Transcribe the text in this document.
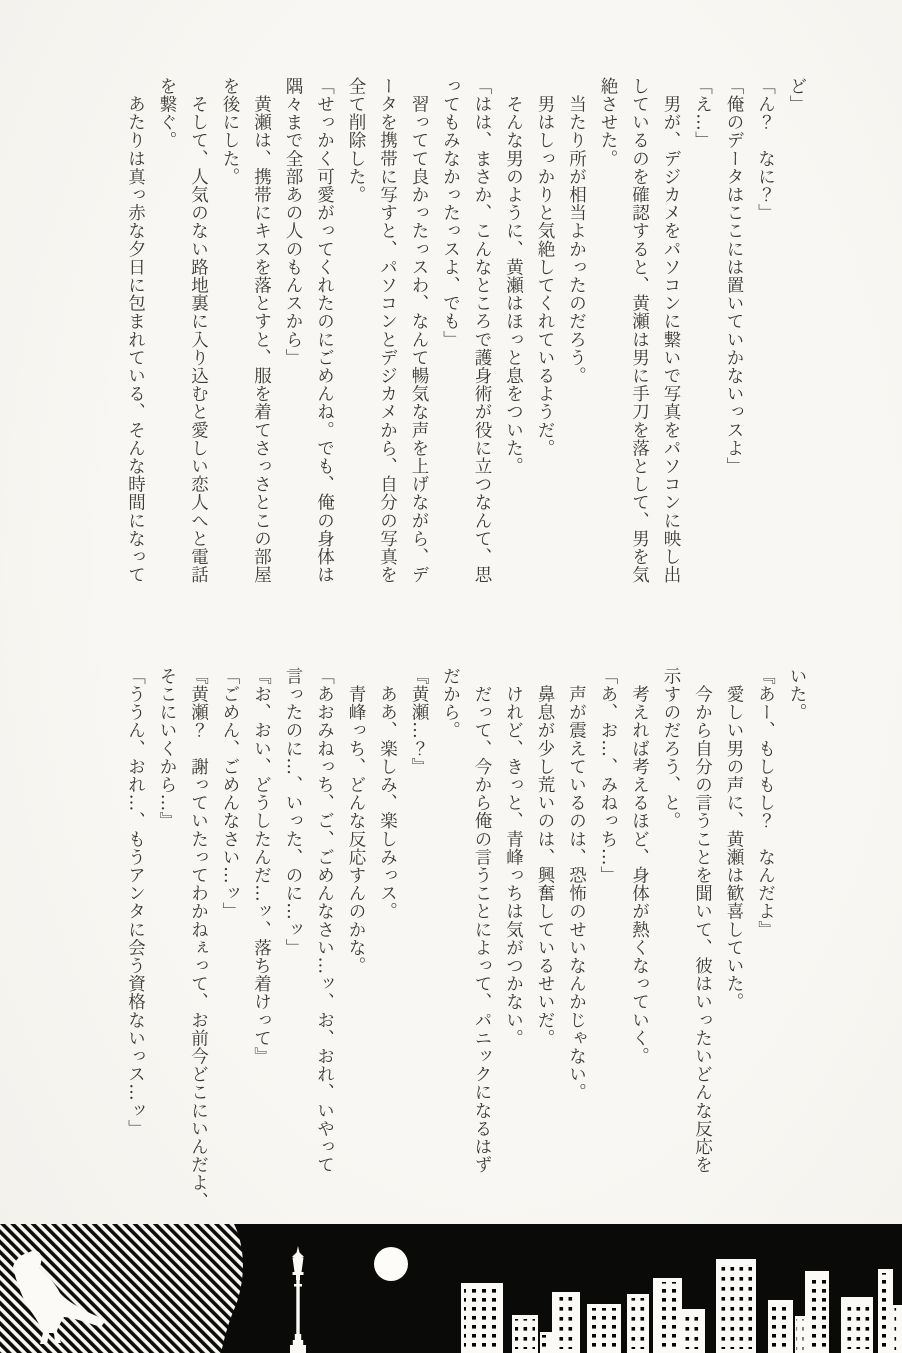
ど」

「ん？　なに？」

「俺のデータはここには置いていかないっスよ」

「え…」

　男が、デジカメをパソコンに繋いで写真をパソコンに映し出

しているのを確認すると、黄瀬は男に手刀を落として、男を気

絶させた。

　当たり所が相当よかったのだろう。

　男はしっかりと気絶してくれているようだ。

　そんな男のように、黄瀬はほっと息をついた。

「はは、まさか、こんなところで護身術が役に立つなんて、思

ってもみなかったっスよ、でも」

　習ってて良かったっスわ、なんて暢気な声を上げながら、デ

ータを携帯に写すと、パソコンとデジカメから、自分の写真を

全て削除した。

「せっかく可愛がってくれたのにごめんね。でも、俺の身体は

隅々まで全部あの人のもんスから」

　黄瀬は、携帯にキスを落とすと、服を着てさっさとこの部屋

を後にした。

　そして、人気のない路地裏に入り込むと愛しい恋人へと電話

を繋ぐ。

　あたりは真っ赤な夕日に包まれている、そんな時間になって

いた。

『あー、もしもし？　なんだよ』

　愛しい男の声に、黄瀬は歓喜していた。

　今から自分の言うことを聞いて、彼はいったいどんな反応を

示すのだろう、と。

　考えれば考えるほど、身体が熱くなっていく。

「あ、お…、みねっち…」

　声が震えているのは、恐怖のせいなんかじゃない。

　鼻息が少し荒いのは、興奮しているせいだ。

　けれど、きっと、青峰っちは気がつかない。

　だって、今から俺の言うことによって、パニックになるはず

だから。

『黄瀬…？』

　ああ、楽しみ、楽しみっス。

　青峰っち、どんな反応すんのかな。

「あおみねっち、ご、ごめんなさい…ッ、お、おれ、いやって

言ったのに…、いった、のに…ッ」

『お、おい、どうしたんだ…ッ、落ち着けって』

「ごめん、ごめんなさい…ッ」

『黄瀬？　謝っていたってわかねぇって、お前今どこにいんだよ、

そこにいくから…』

「ううん、おれ…、もうアンタに会う資格ないっス…ッ」
